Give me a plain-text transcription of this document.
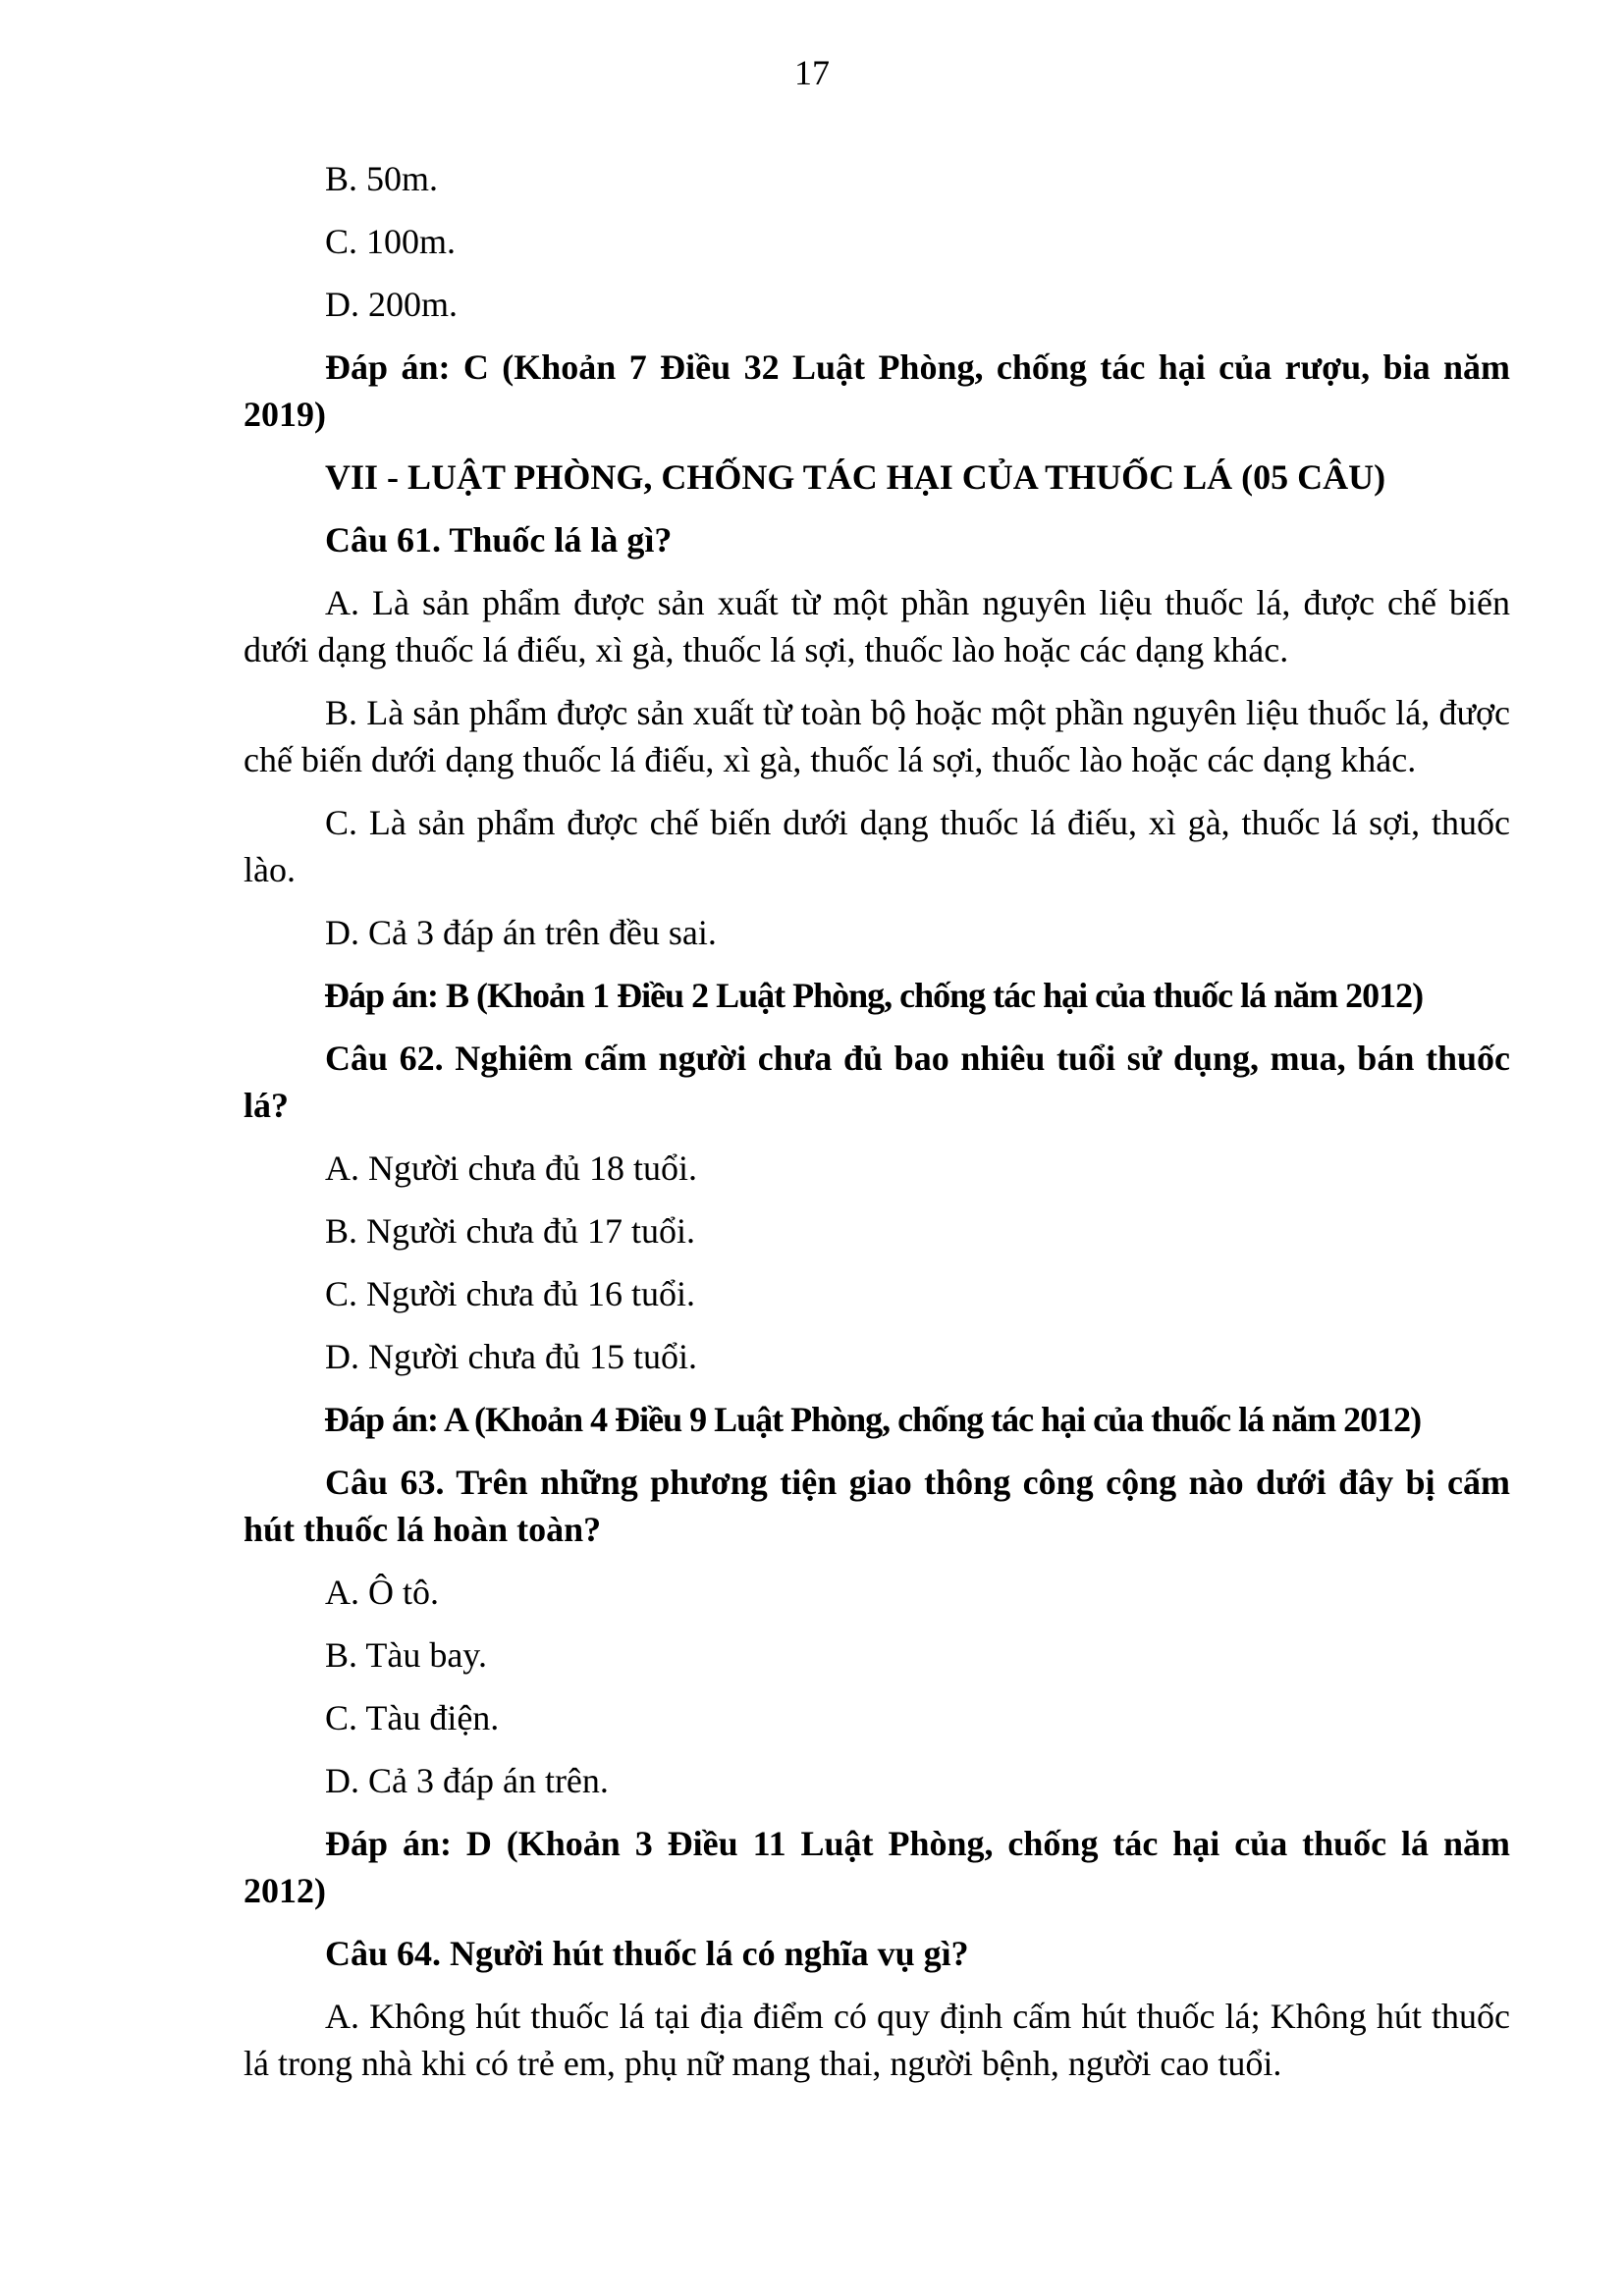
17

B. 50m.

C. 100m.

D. 200m.

Đáp án: C (Khoản 7 Điều 32 Luật Phòng, chống tác hại của rượu, bia năm 2019)

VII - LUẬT PHÒNG, CHỐNG TÁC HẠI CỦA THUỐC LÁ (05 CÂU)

Câu 61. Thuốc lá là gì?

A. Là sản phẩm được sản xuất từ một phần nguyên liệu thuốc lá, được chế biến dưới dạng thuốc lá điếu, xì gà, thuốc lá sợi, thuốc lào hoặc các dạng khác.

B. Là sản phẩm được sản xuất từ toàn bộ hoặc một phần nguyên liệu thuốc lá, được chế biến dưới dạng thuốc lá điếu, xì gà, thuốc lá sợi, thuốc lào hoặc các dạng khác.

C. Là sản phẩm được chế biến dưới dạng thuốc lá điếu, xì gà, thuốc lá sợi, thuốc lào.

D. Cả 3 đáp án trên đều sai.

Đáp án: B (Khoản 1 Điều 2 Luật Phòng, chống tác hại của thuốc lá năm 2012)

Câu 62. Nghiêm cấm người chưa đủ bao nhiêu tuổi sử dụng, mua, bán thuốc lá?

A. Người chưa đủ 18 tuổi.

B. Người chưa đủ 17 tuổi.

C. Người chưa đủ 16 tuổi.

D. Người chưa đủ 15 tuổi.

Đáp án: A (Khoản 4 Điều 9 Luật Phòng, chống tác hại của thuốc lá năm 2012)

Câu 63. Trên những phương tiện giao thông công cộng nào dưới đây bị cấm hút thuốc lá hoàn toàn?

A. Ô tô.

B. Tàu bay.

C. Tàu điện.

D. Cả 3 đáp án trên.

Đáp án: D (Khoản 3 Điều 11 Luật Phòng, chống tác hại của thuốc lá năm 2012)

Câu 64. Người hút thuốc lá có nghĩa vụ gì?

A. Không hút thuốc lá tại địa điểm có quy định cấm hút thuốc lá; Không hút thuốc lá trong nhà khi có trẻ em, phụ nữ mang thai, người bệnh, người cao tuổi.
